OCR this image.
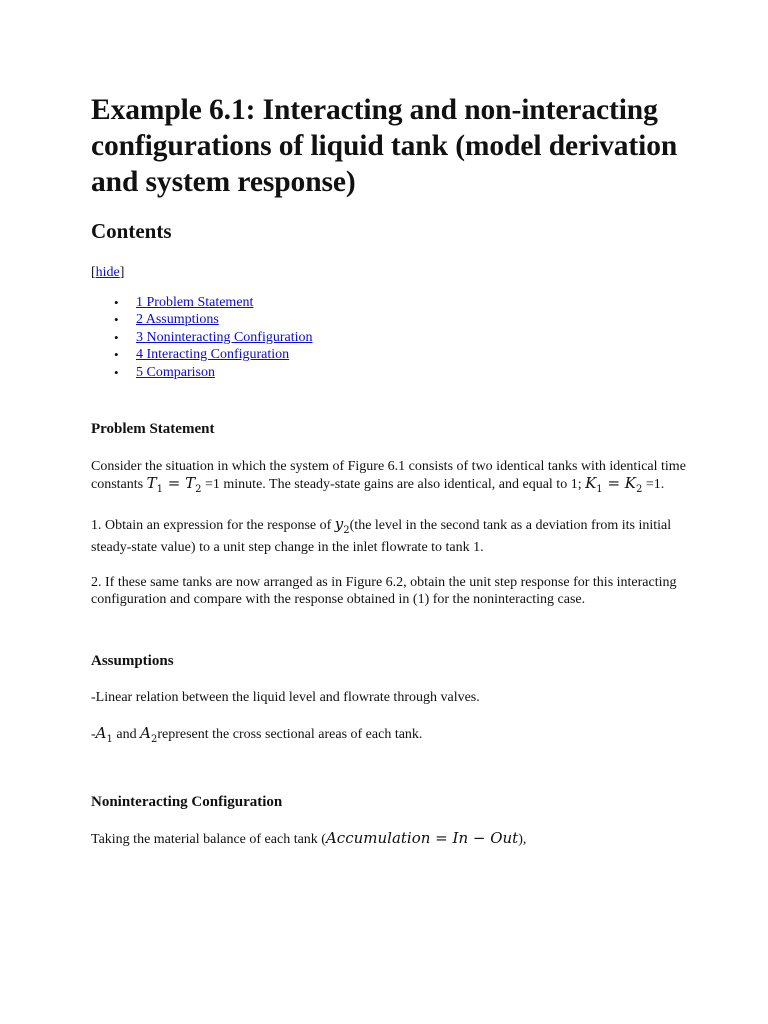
Example 6.1: Interacting and non-interacting configurations of liquid tank (model derivation and system response)
Contents
[hide]
• 1 Problem Statement
• 2 Assumptions
• 3 Noninteracting Configuration
• 4 Interacting Configuration
• 5 Comparison
Problem Statement

Consider the situation in which the system of Figure 6.1 consists of two identical tanks with identical time constants $T_1 = T_2 =1$ minute. The steady-state gains are also identical, and equal to 1; $K_1 = K_2 =1$.

1. Obtain an expression for the response of $y_2(the$ level in the second tank as a deviation from its initial steady-state value) to a unit step change in the inlet flowrate to tank 1.

2. If these same tanks are now arranged as in Figure 6.2, obtain the unit step response for this interacting configuration and compare with the response obtained in (1) for the noninteracting case.

Assumptions

-Linear relation between the liquid level and flowrate through valves.

$-A_1$ and $A_2represent$ the cross sectional areas of each tank.

Noninteracting Configuration

Taking the material balance of each tank (Accumulation = In − Out),
